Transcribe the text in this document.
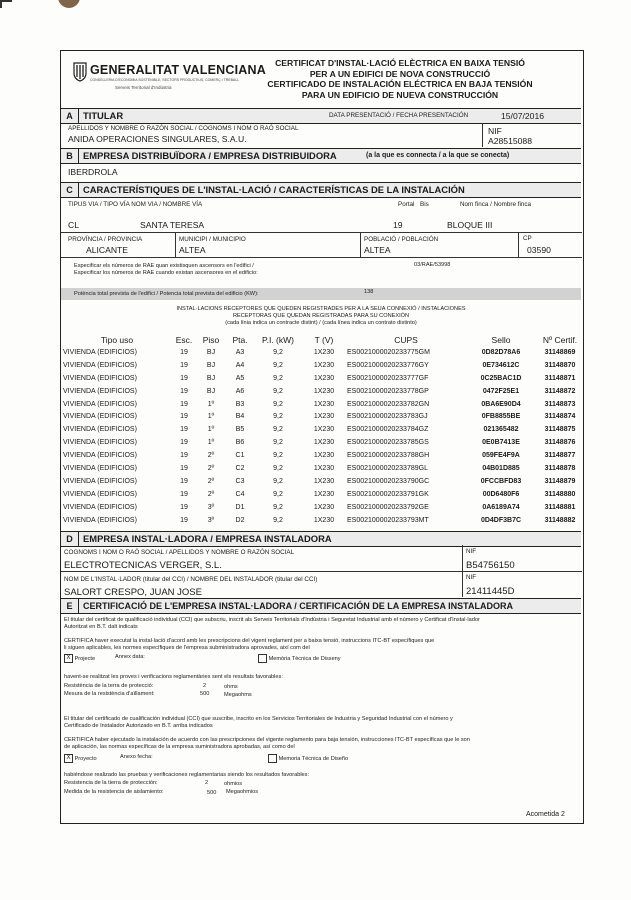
GENERALITAT VALENCIANA
CONSELLERIA D'ECONOMIA SOSTENIBLE, SECTORS PRODUCTIUS, COMERÇ I TREBALL
Serveis Territorial d'Indústria
CERTIFICAT D'INSTAL·LACIÓ ELÈCTRICA EN BAIXA TENSIÓ
PER A UN EDIFICI DE NOVA CONSTRUCCIÓ
CERTIFICADO DE INSTALACIÓN ELÉCTRICA EN BAJA TENSIÓN
PARA UN EDIFICIO DE NUEVA CONSTRUCCIÓN
A	TITULAR	DATA PRESENTACIÓ / FECHA PRESENTACIÓN	15/07/2016
APELLIDOS Y NOMBRE O RAZÓN SOCIAL / COGNOMS I NOM O RAÓ SOCIAL
ANIDA OPERACIONES SINGULARES, S.A.U.
NIF
A28515088
B	EMPRESA DISTRIBUÏDORA / EMPRESA DISTRIBUIDORA	(a la que es connecta / a la que se conecta)
IBERDROLA
C	CARACTERÍSTIQUES DE L'INSTAL·LACIÓ / CARACTERÍSTICAS DE LA INSTALACIÓN
TIPUS VIA / TIPO VÍA NOM VIA / NOMBRE VÍA	Portal Bis	Nom finca / Nombre finca
CL	SANTA TERESA	19	BLOQUE III
PROVÍNCIA / PROVINCIA
ALICANTE
MUNICIPI / MUNICIPIO
ALTEA
POBLACIÓ / POBLACIÓN
ALTEA
CP
03590
Especificar els números de RAE quan existisquen ascensors en l'edifici /
Especificar los números de RAE cuando existan ascensores en el edificio:
03/RAE/53998
Potència total prevista de l'edifici / Potencia total prevista del edificio (KW):	138
INSTAL·LACIONS RECEPTORES QUE QUEDEN REGISTRADES PER A LA SEUA CONNEXIÓ / INSTALACIONES
RECEPTORAS QUE QUEDAN REGISTRADAS PARA SU CONEXIÓN
(cada línia indica un contracte distint) / (cada línea indica un contrato distinto)
Tipo uso	Esc.	Piso	Pta.	P.I. (kW)	T (V)	CUPS	Sello	Nº Certif.
VIVIENDA (EDIFICIOS)	19	BJ	A3	9,2	1X230	ES0021000020233775GM	0D82D78A6	31148869
VIVIENDA (EDIFICIOS)	19	BJ	A4	9,2	1X230	ES0021000020233776GY	0E734612C	31148870
VIVIENDA (EDIFICIOS)	19	BJ	A5	9,2	1X230	ES0021000020233777GF	0C25BAC1D	31148871
VIVIENDA (EDIFICIOS)	19	BJ	A6	9,2	1X230	ES0021000020233778GP	0472F25E1	31148872
VIVIENDA (EDIFICIOS)	19	1º	B3	9,2	1X230	ES0021000020233782GN	0BA6E90D4	31148873
VIVIENDA (EDIFICIOS)	19	1º	B4	9,2	1X230	ES0021000020233783GJ	0FB8855BE	31148874
VIVIENDA (EDIFICIOS)	19	1º	B5	9,2	1X230	ES0021000020233784GZ	021365482	31148875
VIVIENDA (EDIFICIOS)	19	1º	B6	9,2	1X230	ES0021000020233785GS	0E0B7413E	31148876
VIVIENDA (EDIFICIOS)	19	2º	C1	9,2	1X230	ES0021000020233788GH	059FE4F9A	31148877
VIVIENDA (EDIFICIOS)	19	2º	C2	9,2	1X230	ES0021000020233789GL	04B01D885	31148878
VIVIENDA (EDIFICIOS)	19	2º	C3	9,2	1X230	ES0021000020233790GC	0FCCBFD83	31148879
VIVIENDA (EDIFICIOS)	19	2º	C4	9,2	1X230	ES0021000020233791GK	00D6480F6	31148880
VIVIENDA (EDIFICIOS)	19	3º	D1	9,2	1X230	ES0021000020233792GE	0A6189A74	31148881
VIVIENDA (EDIFICIOS)	19	3º	D2	9,2	1X230	ES0021000020233793MT	0D4DF3B7C	31148882
D	EMPRESA INSTAL·LADORA / EMPRESA INSTALADORA
COGNOMS I NOM O RAÓ SOCIAL / APELLIDOS Y NOMBRE O RAZÓN SOCIAL
ELECTROTECNICAS VERGER, S.L.
NIF
B54756150
NOM DE L'INSTAL·LADOR (titular del CCI) / NOMBRE DEL INSTALADOR (titular del CCI)
SALORT CRESPO, JUAN JOSE
NIF
21411445D
E	CERTIFICACIÓ DE L'EMPRESA INSTAL·LADORA / CERTIFICACIÓN DE LA EMPRESA INSTALADORA
El titular del certificat de qualificació individual (CCI) que subscriu, inscrit als Serveis Territorials d'Indústria i Seguretat Industrial amb el número y Certificat d'Instal·lador
Autoritzat en B.T. dalt indicats
CERTIFICA haver executat la instal·lació d'acord amb les prescripcions del vigent reglament per a baixa tensió, instruccions ITC-BT específiques que
li siguen aplicables, les normes específiques de l'empresa subministradora aprovades, així com del
X Projecte	Annex data:	Memòria Tècnica de Disseny
havent-se realitzat les proves i verificacions reglamentàries sent els resultats favorables:
Resistència de la terra de protecció:	2	ohms
Mesura de la resistència d'aïllament:	500	Megaohms
El titular del certificado de cualificación individual (CCI) que suscribe, inscrito en los Servicios Territoriales de Industria y Seguridad Industrial con el número y
Certificado de Instalador Autorizado en B.T. arriba indicados
CERTIFICA haber ejecutado la instalación de acuerdo con las prescripciones del vigente reglamento para baja tensión, instrucciones ITC-BT específicas que le son
de aplicación, las normas específicas de la empresa suministradora aprobadas, así como del
X Proyecto	Anexo fecha:	Memoria Técnica de Diseño
habiéndose realizado las pruebas y verificaciones reglamentarias siendo los resultados favorables:
Resistencia de la tierra de protección:	2	ohmios
Medida de la resistencia de aislamiento:	500 Megaohmios
Acometida 2
